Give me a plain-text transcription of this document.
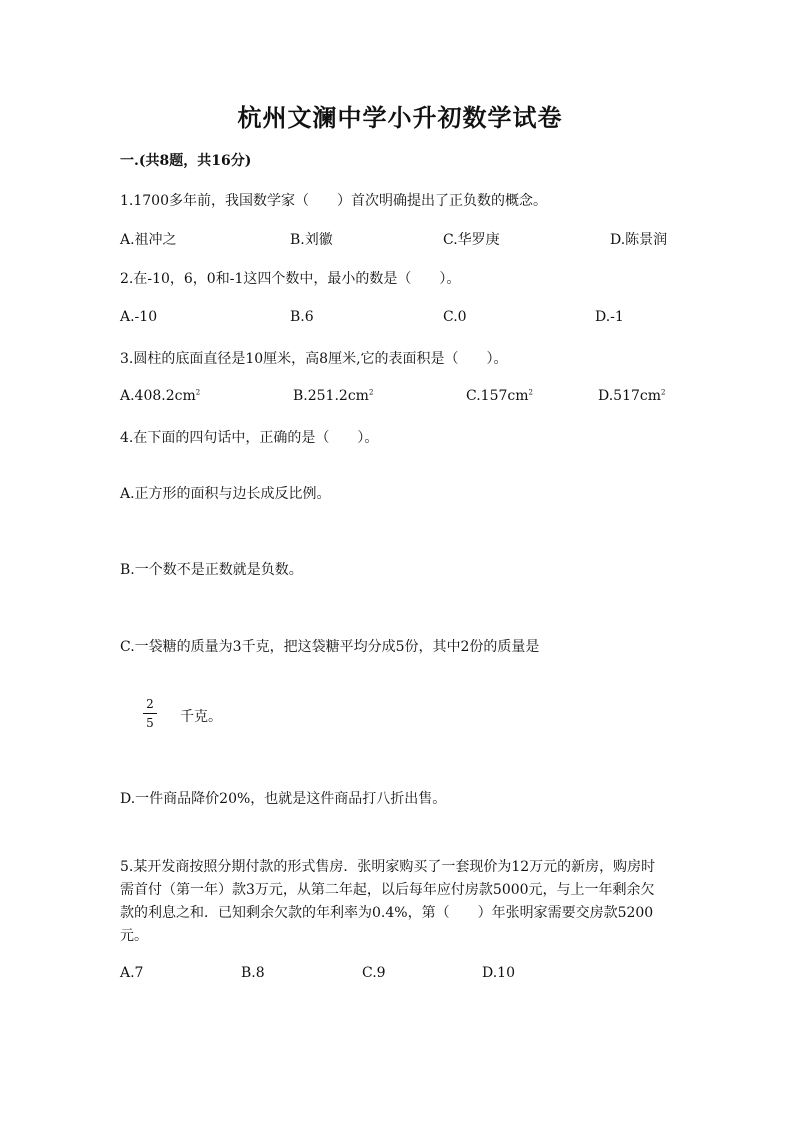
杭州文澜中学小升初数学试卷
一.(共8题，共16分)
1.1700多年前，我国数学家（　　）首次明确提出了正负数的概念。
A.祖冲之	B.刘徽	C.华罗庚	D.陈景润
2.在-10，6，0和-1这四个数中，最小的数是（　　）。
A.-10	B.6	C.0	D.-1
3.圆柱的底面直径是10厘米，高8厘米,它的表面积是（　　）。
$A.408.2cm^2$	$B.251.2cm^2$	$C.157cm^2$	$D.517cm^2$
4.在下面的四句话中，正确的是（　　）。
A.正方形的面积与边长成反比例。
B.一个数不是正数就是负数。
C.一袋糖的质量为3千克，把这袋糖平均分成5份，其中2份的质量是
2
5 千克。
D.一件商品降价20%，也就是这件商品打八折出售。
5.某开发商按照分期付款的形式售房．张明家购买了一套现价为12万元的新房，购房时需首付（第一年）款3万元，从第二年起，以后每年应付房款5000元，与上一年剩余欠款的利息之和．已知剩余欠款的年利率为0.4%，第（　　）年张明家需要交房款5200元。
A.7	B.8	C.9	D.10
